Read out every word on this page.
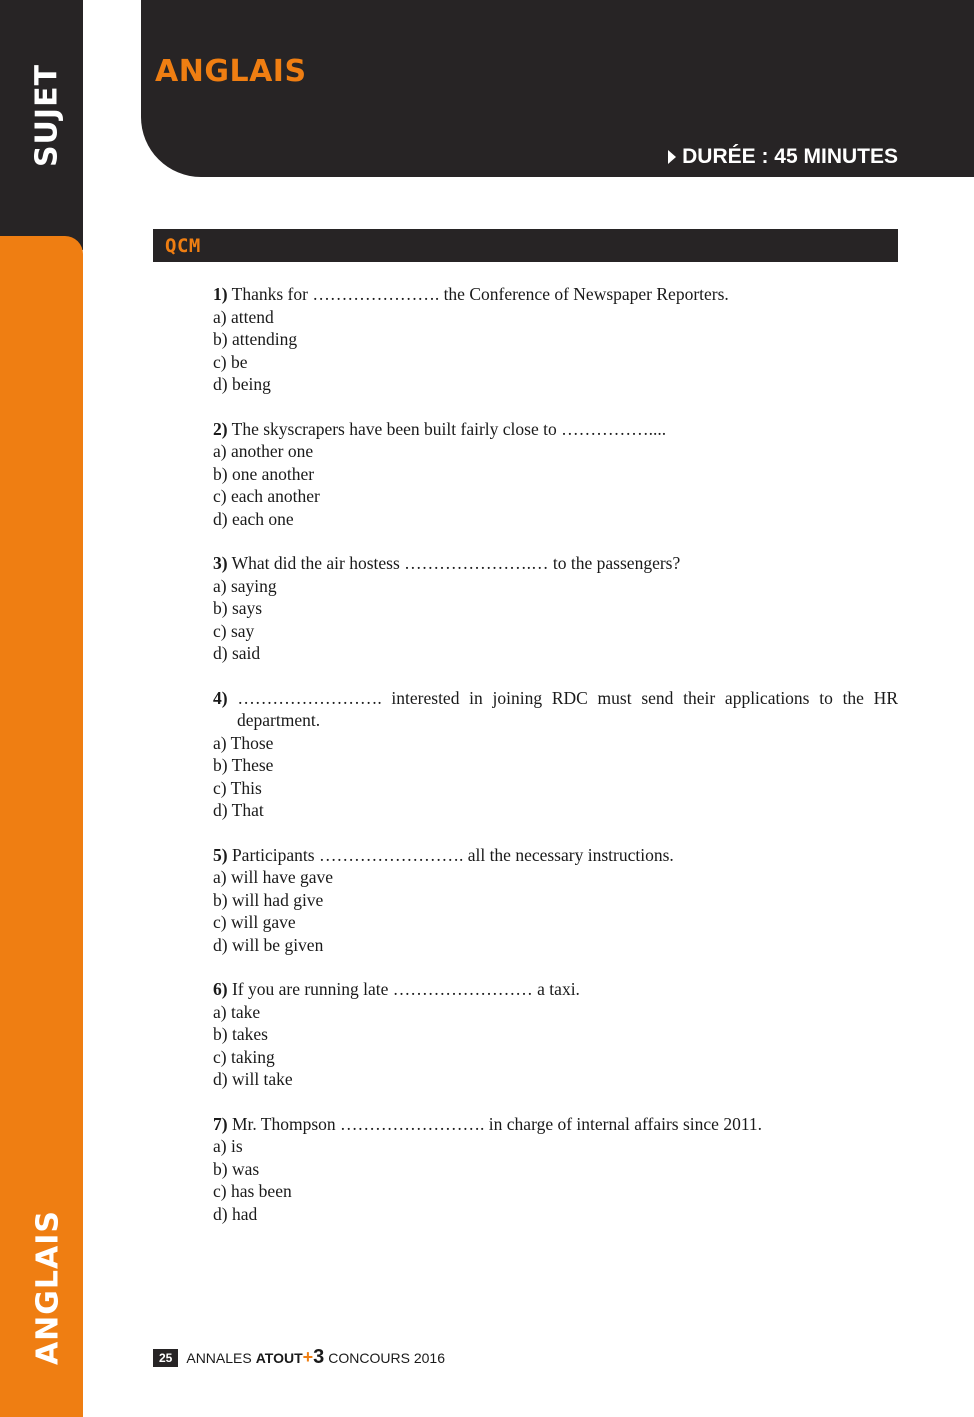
SUJET
ANGLAIS
ANGLAIS
DURÉE : 45 MINUTES
QCM
1) Thanks for …………………. the Conference of Newspaper Reporters.
a) attend
b) attending
c) be
d) being
2) The skyscrapers have been built fairly close to ……………....
a) another one
b) one another
c) each another
d) each one
3) What did the air hostess ………………….… to the passengers?
a) saying
b) says
c) say
d) said
4) ……………………. interested in joining RDC must send their applications to the HR department.
a) Those
b) These
c) This
d) That
5) Participants ……………………. all the necessary instructions.
a) will have gave
b) will had give
c) will gave
d) will be given
6) If you are running late …………………… a taxi.
a) take
b) takes
c) taking
d) will take
7) Mr. Thompson ……………………. in charge of internal affairs since 2011.
a) is
b) was
c) has been
d) had
25	ANNALES ATOUT + 3 CONCOURS 2016
